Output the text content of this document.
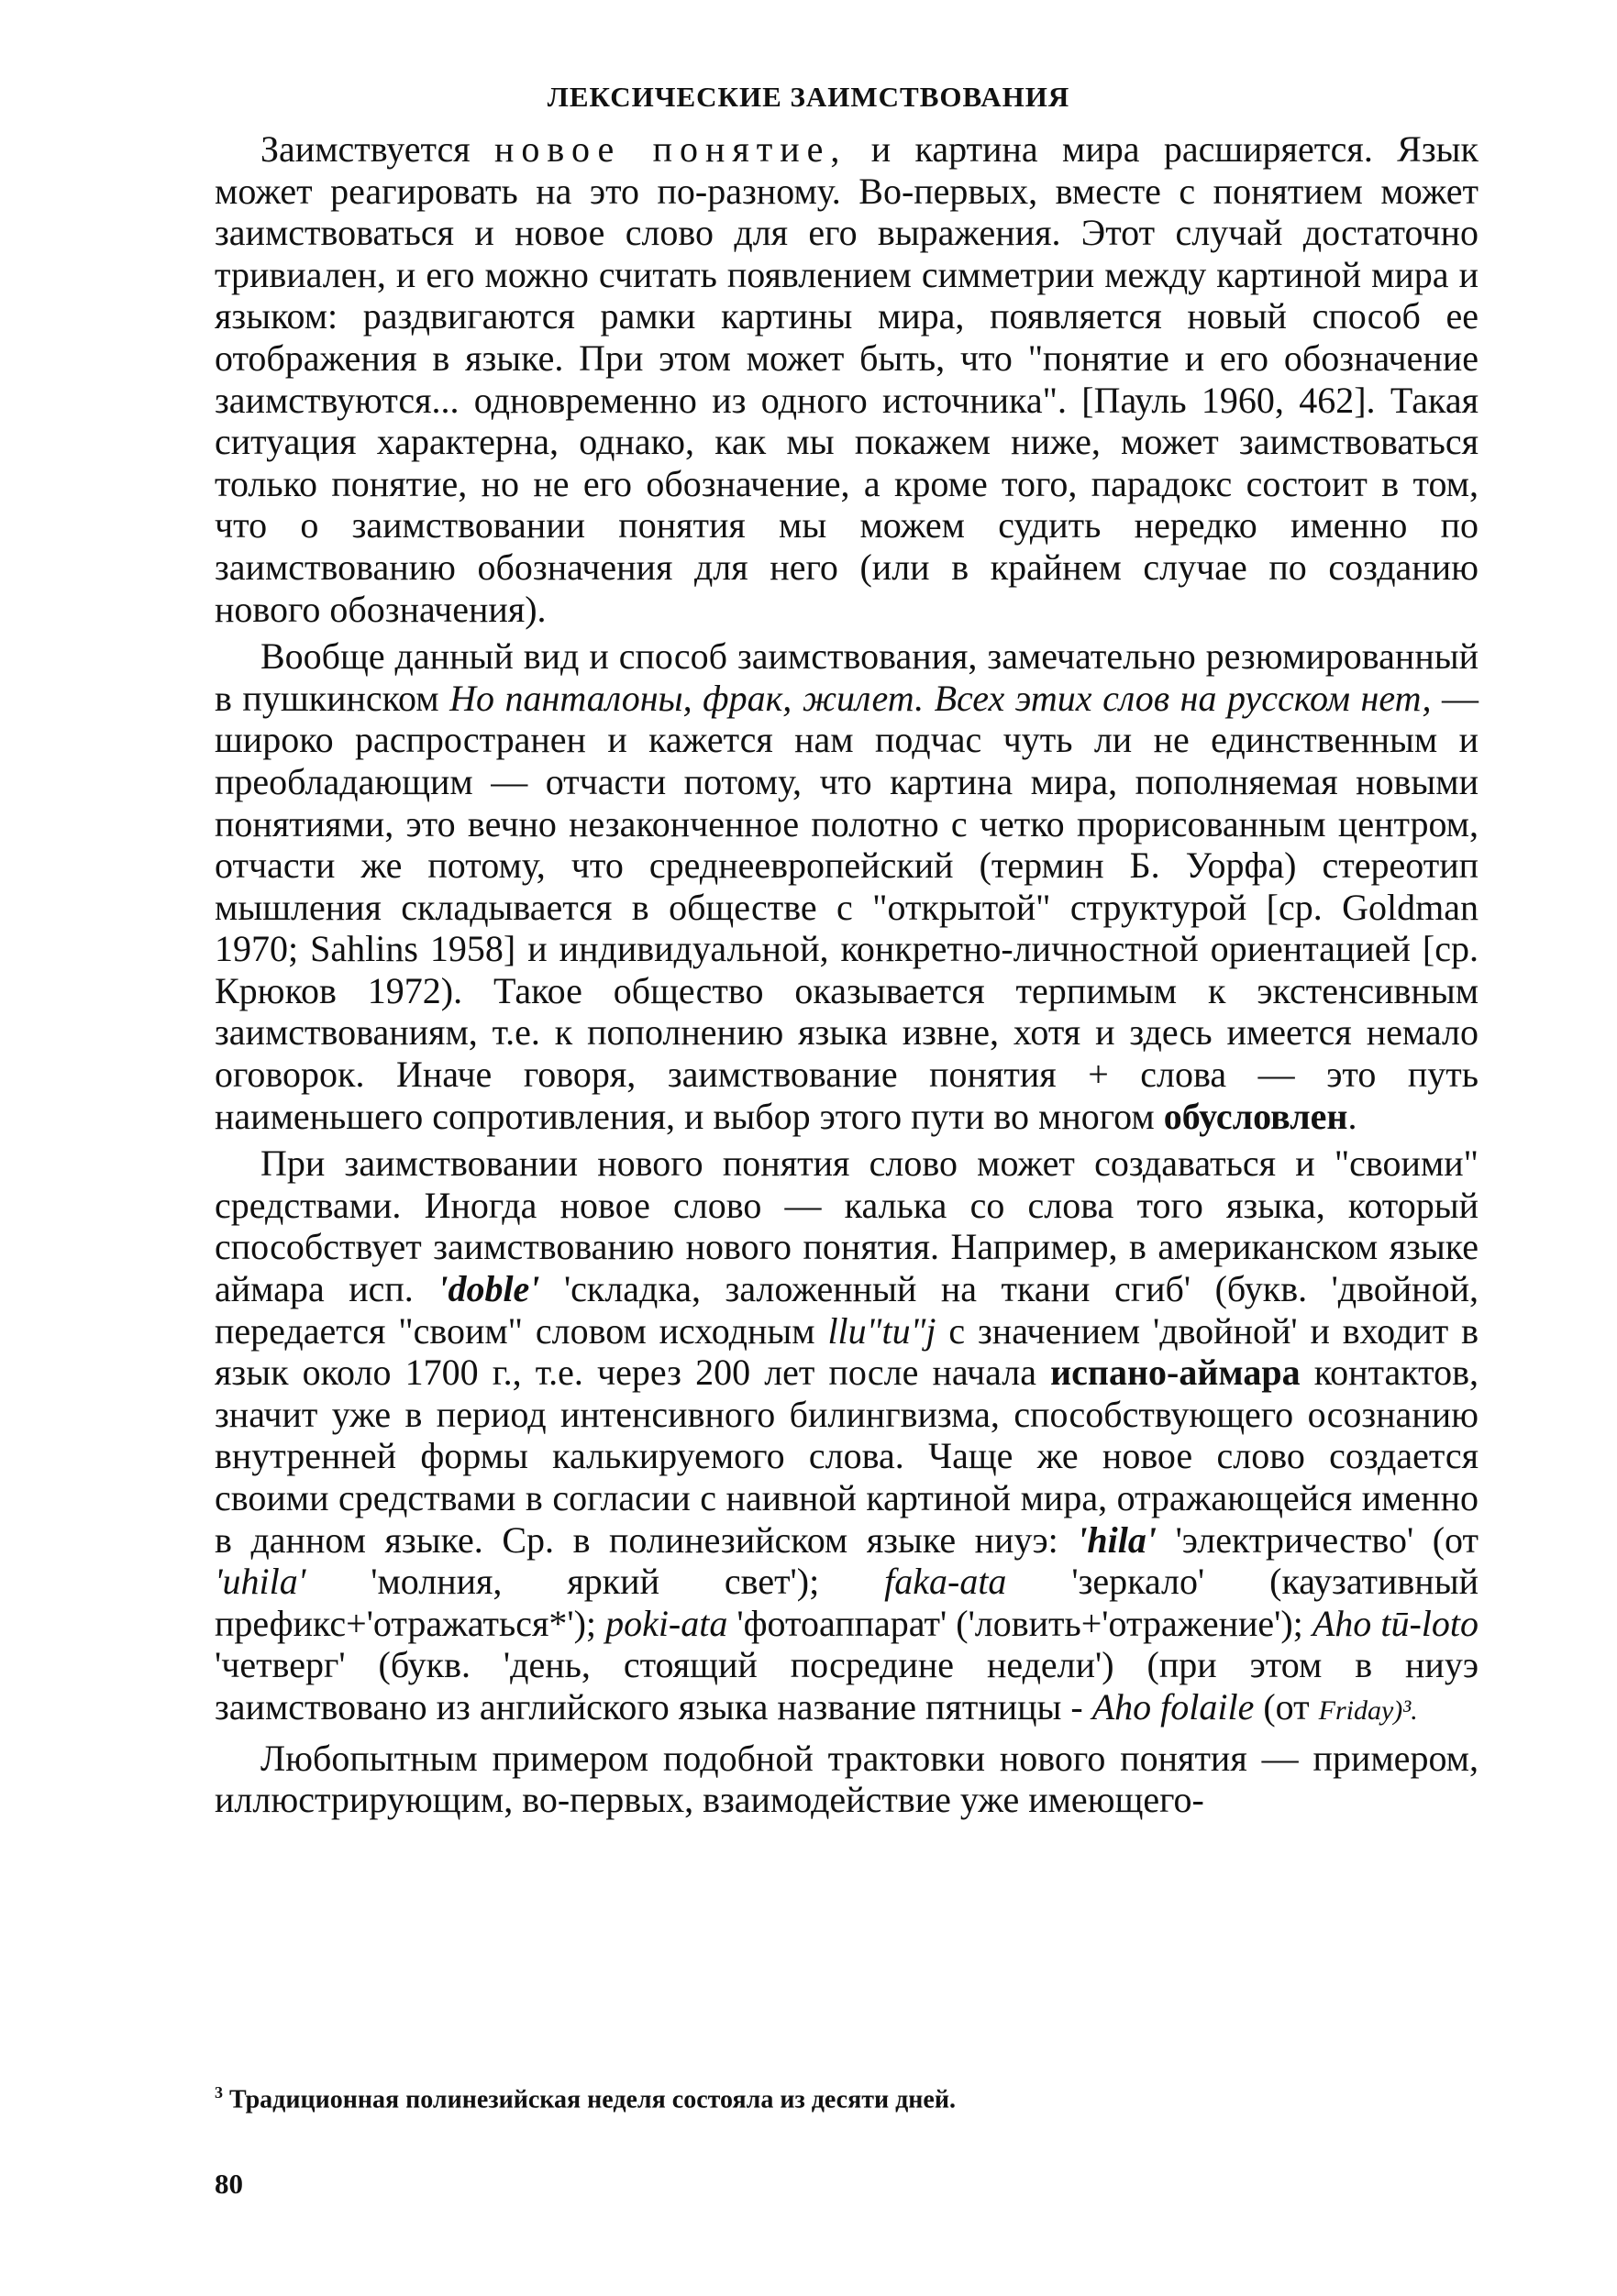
ЛЕКСИЧЕСКИЕ ЗАИМСТВОВАНИЯ

Заимствуется новое понятие, и картина мира расширяется. Язык может реагировать на это по-разному. Во-первых, вместе с понятием может заимствоваться и новое слово для его выражения. Этот случай достаточно тривиален, и его можно считать появлением симметрии между картиной мира и языком: раздвигаются рамки картины мира, появляется новый способ ее отображения в языке. При этом может быть, что "понятие и его обозначение заимствуются... одновременно из одного источника". [Пауль 1960, 462]. Такая ситуация характерна, однако, как мы покажем ниже, может заимствоваться только понятие, но не его обозначение, а кроме того, парадокс состоит в том, что о заимствовании понятия мы можем судить нередко именно по заимствованию обозначения для него (или в крайнем случае по созданию нового обозначения).

Вообще данный вид и способ заимствования, замечательно резюмированный в пушкинском Но панталоны, фрак, жилет. Всех этих слов на русском нет, — широко распространен и кажется нам подчас чуть ли не единственным и преобладающим — отчасти потому, что картина мира, пополняемая новыми понятиями, это вечно незаконченное полотно с четко прорисованным центром, отчасти же потому, что среднеевропейский (термин Б. Уорфа) стереотип мышления складывается в обществе с "открытой" структурой [ср. Goldman 1970; Sahlins 1958] и индивидуальной, конкретно-личностной ориентацией [ср. Крюков 1972). Такое общество оказывается терпимым к экстенсивным заимствованиям, т.е. к пополнению языка извне, хотя и здесь имеется немало оговорок. Иначе говоря, заимствование понятия + слова — это путь наименьшего сопротивления, и выбор этого пути во многом обусловлен.

При заимствовании нового понятия слово может создаваться и "своими" средствами. Иногда новое слово — калька со слова того языка, который способствует заимствованию нового понятия. Например, в американском языке аймара исп. 'doble' 'складка, заложенный на ткани сгиб' (букв. 'двойной, передается "своим" словом исходным llu"tu"j с значением 'двойной' и входит в язык около 1700 г., т.е. через 200 лет после начала испано-аймара контактов, значит уже в период интенсивного билингвизма, способствующего осознанию внутренней формы калькируемого слова. Чаще же новое слово создается своими средствами в согласии с наивной картиной мира, отражающейся именно в данном языке. Ср. в полинезийском языке ниуэ: 'hila' 'электричество' (от 'uhila' 'молния, яркий свет'); faka-ata 'зеркало' (каузативный префикс+'отражаться*'); poki-ata 'фотоаппарат' ('ловить+'отражение'); Aho tū-loto 'четверг' (букв. 'день, стоящий посредине недели') (при этом в ниуэ заимствовано из английского языка название пятницы - Aho folaile (от Friday)³.

Любопытным примером подобной трактовки нового понятия — примером, иллюстрирующим, во-первых, взаимодействие уже имеющего-

$^3$ Традиционная полинезийская неделя состояла из десяти дней.
80
